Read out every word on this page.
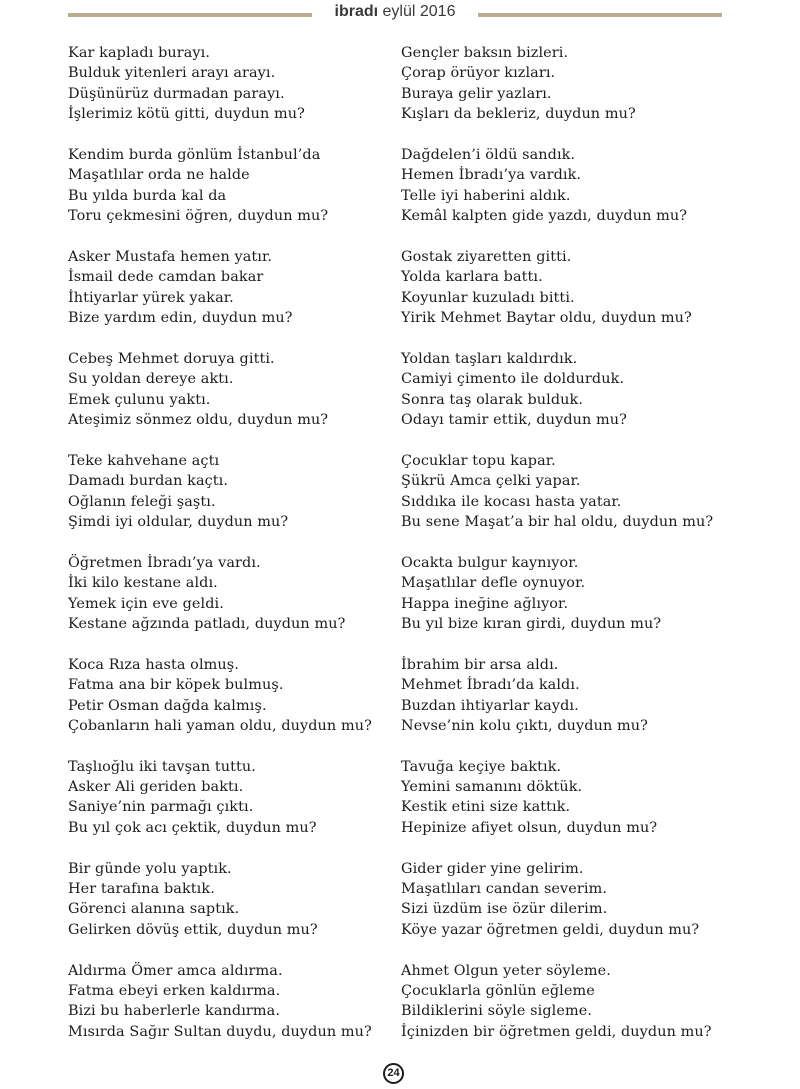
ibradı eylül 2016
Kar kapladı burayı.
Bulduk yitenleri arayı arayı.
Düşünürüz durmadan parayı.
İşlerimiz kötü gitti, duydun mu?
Kendim burda gönlüm İstanbul’da
Maşatlılar orda ne halde
Bu yılda burda kal da
Toru çekmesini öğren, duydun mu?
Asker Mustafa hemen yatır.
İsmail dede camdan bakar
İhtiyarlar yürek yakar.
Bize yardım edin, duydun mu?
Cebeş Mehmet doruya gitti.
Su yoldan dereye aktı.
Emek çulunu yaktı.
Ateşimiz sönmez oldu, duydun mu?
Teke kahvehane açtı
Damadı burdan kaçtı.
Oğlanın feleği şaştı.
Şimdi iyi oldular, duydun mu?
Öğretmen İbradı’ya vardı.
İki kilo kestane aldı.
Yemek için eve geldi.
Kestane ağzında patladı, duydun mu?
Koca Rıza hasta olmuş.
Fatma ana bir köpek bulmuş.
Petir Osman dağda kalmış.
Çobanların hali yaman oldu, duydun mu?
Taşlıoğlu iki tavşan tuttu.
Asker Ali geriden baktı.
Saniye’nin parmağı çıktı.
Bu yıl çok acı çektik, duydun mu?
Bir günde yolu yaptık.
Her tarafına baktık.
Görenci alanına saptık.
Gelirken dövüş ettik, duydun mu?
Aldırma Ömer amca aldırma.
Fatma ebeyi erken kaldırma.
Bizi bu haberlerle kandırma.
Mısırda Sağır Sultan duydu, duydun mu?
Gençler baksın bizleri.
Çorap örüyor kızları.
Buraya gelir yazları.
Kışları da bekleriz, duydun mu?
Dağdelen’i öldü sandık.
Hemen İbradı’ya vardık.
Telle iyi haberini aldık.
Kemâl kalpten gide yazdı, duydun mu?
Gostak ziyaretten gitti.
Yolda karlara battı.
Koyunlar kuzuladı bitti.
Yirik Mehmet Baytar oldu, duydun mu?
Yoldan taşları kaldırdık.
Camiyi çimento ile doldurduk.
Sonra taş olarak bulduk.
Odayı tamir ettik, duydun mu?
Çocuklar topu kapar.
Şükrü Amca çelki yapar.
Sıddıka ile kocası hasta yatar.
Bu sene Maşat’a bir hal oldu, duydun mu?
Ocakta bulgur kaynıyor.
Maşatlılar defle oynuyor.
Happa ineğine ağlıyor.
Bu yıl bize kıran girdi, duydun mu?
İbrahim bir arsa aldı.
Mehmet İbradı’da kaldı.
Buzdan ihtiyarlar kaydı.
Nevse’nin kolu çıktı, duydun mu?
Tavuğa keçiye baktık.
Yemini samanını döktük.
Kestik etini size kattık.
Hepinize afiyet olsun, duydun mu?
Gider gider yine gelirim.
Maşatlıları candan severim.
Sizi üzdüm ise özür dilerim.
Köye yazar öğretmen geldi, duydun mu?
Ahmet Olgun yeter söyleme.
Çocuklarla gönlün eğleme
Bildiklerini söyle sigleme.
İçinizden bir öğretmen geldi, duydun mu?
24
